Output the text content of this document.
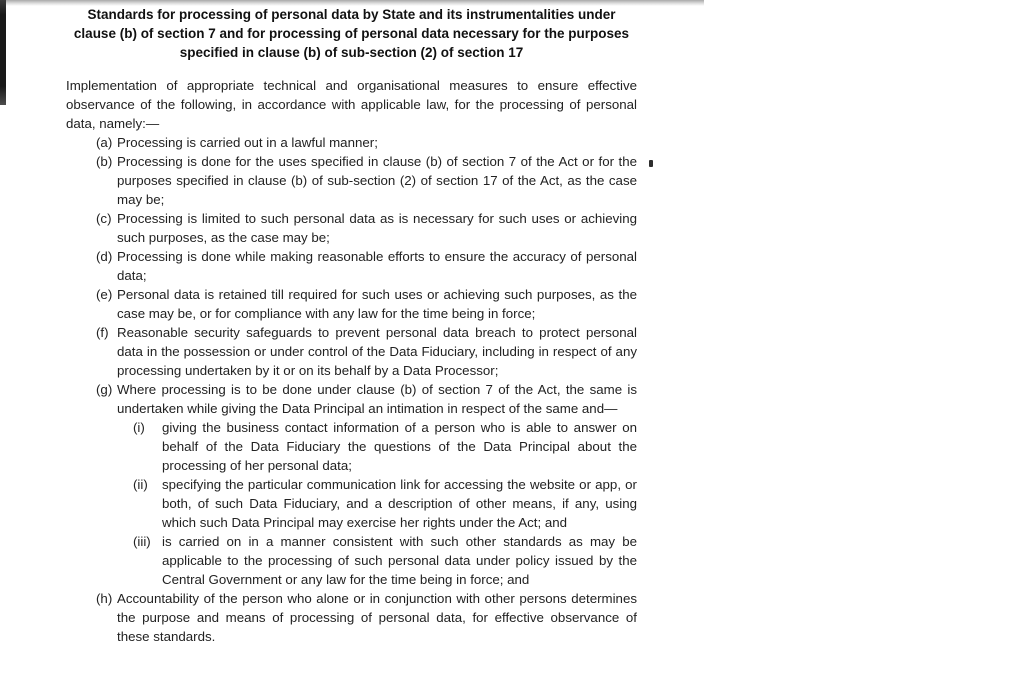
Standards for processing of personal data by State and its instrumentalities under clause (b) of section 7 and for processing of personal data necessary for the purposes specified in clause (b) of sub-section (2) of section 17
Implementation of appropriate technical and organisational measures to ensure effective observance of the following, in accordance with applicable law, for the processing of personal data, namely:—
(a) Processing is carried out in a lawful manner;
(b) Processing is done for the uses specified in clause (b) of section 7 of the Act or for the purposes specified in clause (b) of sub-section (2) of section 17 of the Act, as the case may be;
(c) Processing is limited to such personal data as is necessary for such uses or achieving such purposes, as the case may be;
(d) Processing is done while making reasonable efforts to ensure the accuracy of personal data;
(e) Personal data is retained till required for such uses or achieving such purposes, as the case may be, or for compliance with any law for the time being in force;
(f) Reasonable security safeguards to prevent personal data breach to protect personal data in the possession or under control of the Data Fiduciary, including in respect of any processing undertaken by it or on its behalf by a Data Processor;
(g) Where processing is to be done under clause (b) of section 7 of the Act, the same is undertaken while giving the Data Principal an intimation in respect of the same and—
(i)	giving the business contact information of a person who is able to answer on behalf of the Data Fiduciary the questions of the Data Principal about the processing of her personal data;
(ii)	specifying the particular communication link for accessing the website or app, or both, of such Data Fiduciary, and a description of other means, if any, using which such Data Principal may exercise her rights under the Act; and
(iii) is carried on in a manner consistent with such other standards as may be applicable to the processing of such personal data under policy issued by the Central Government or any law for the time being in force; and
(h) Accountability of the person who alone or in conjunction with other persons determines the purpose and means of processing of personal data, for effective observance of these standards.
